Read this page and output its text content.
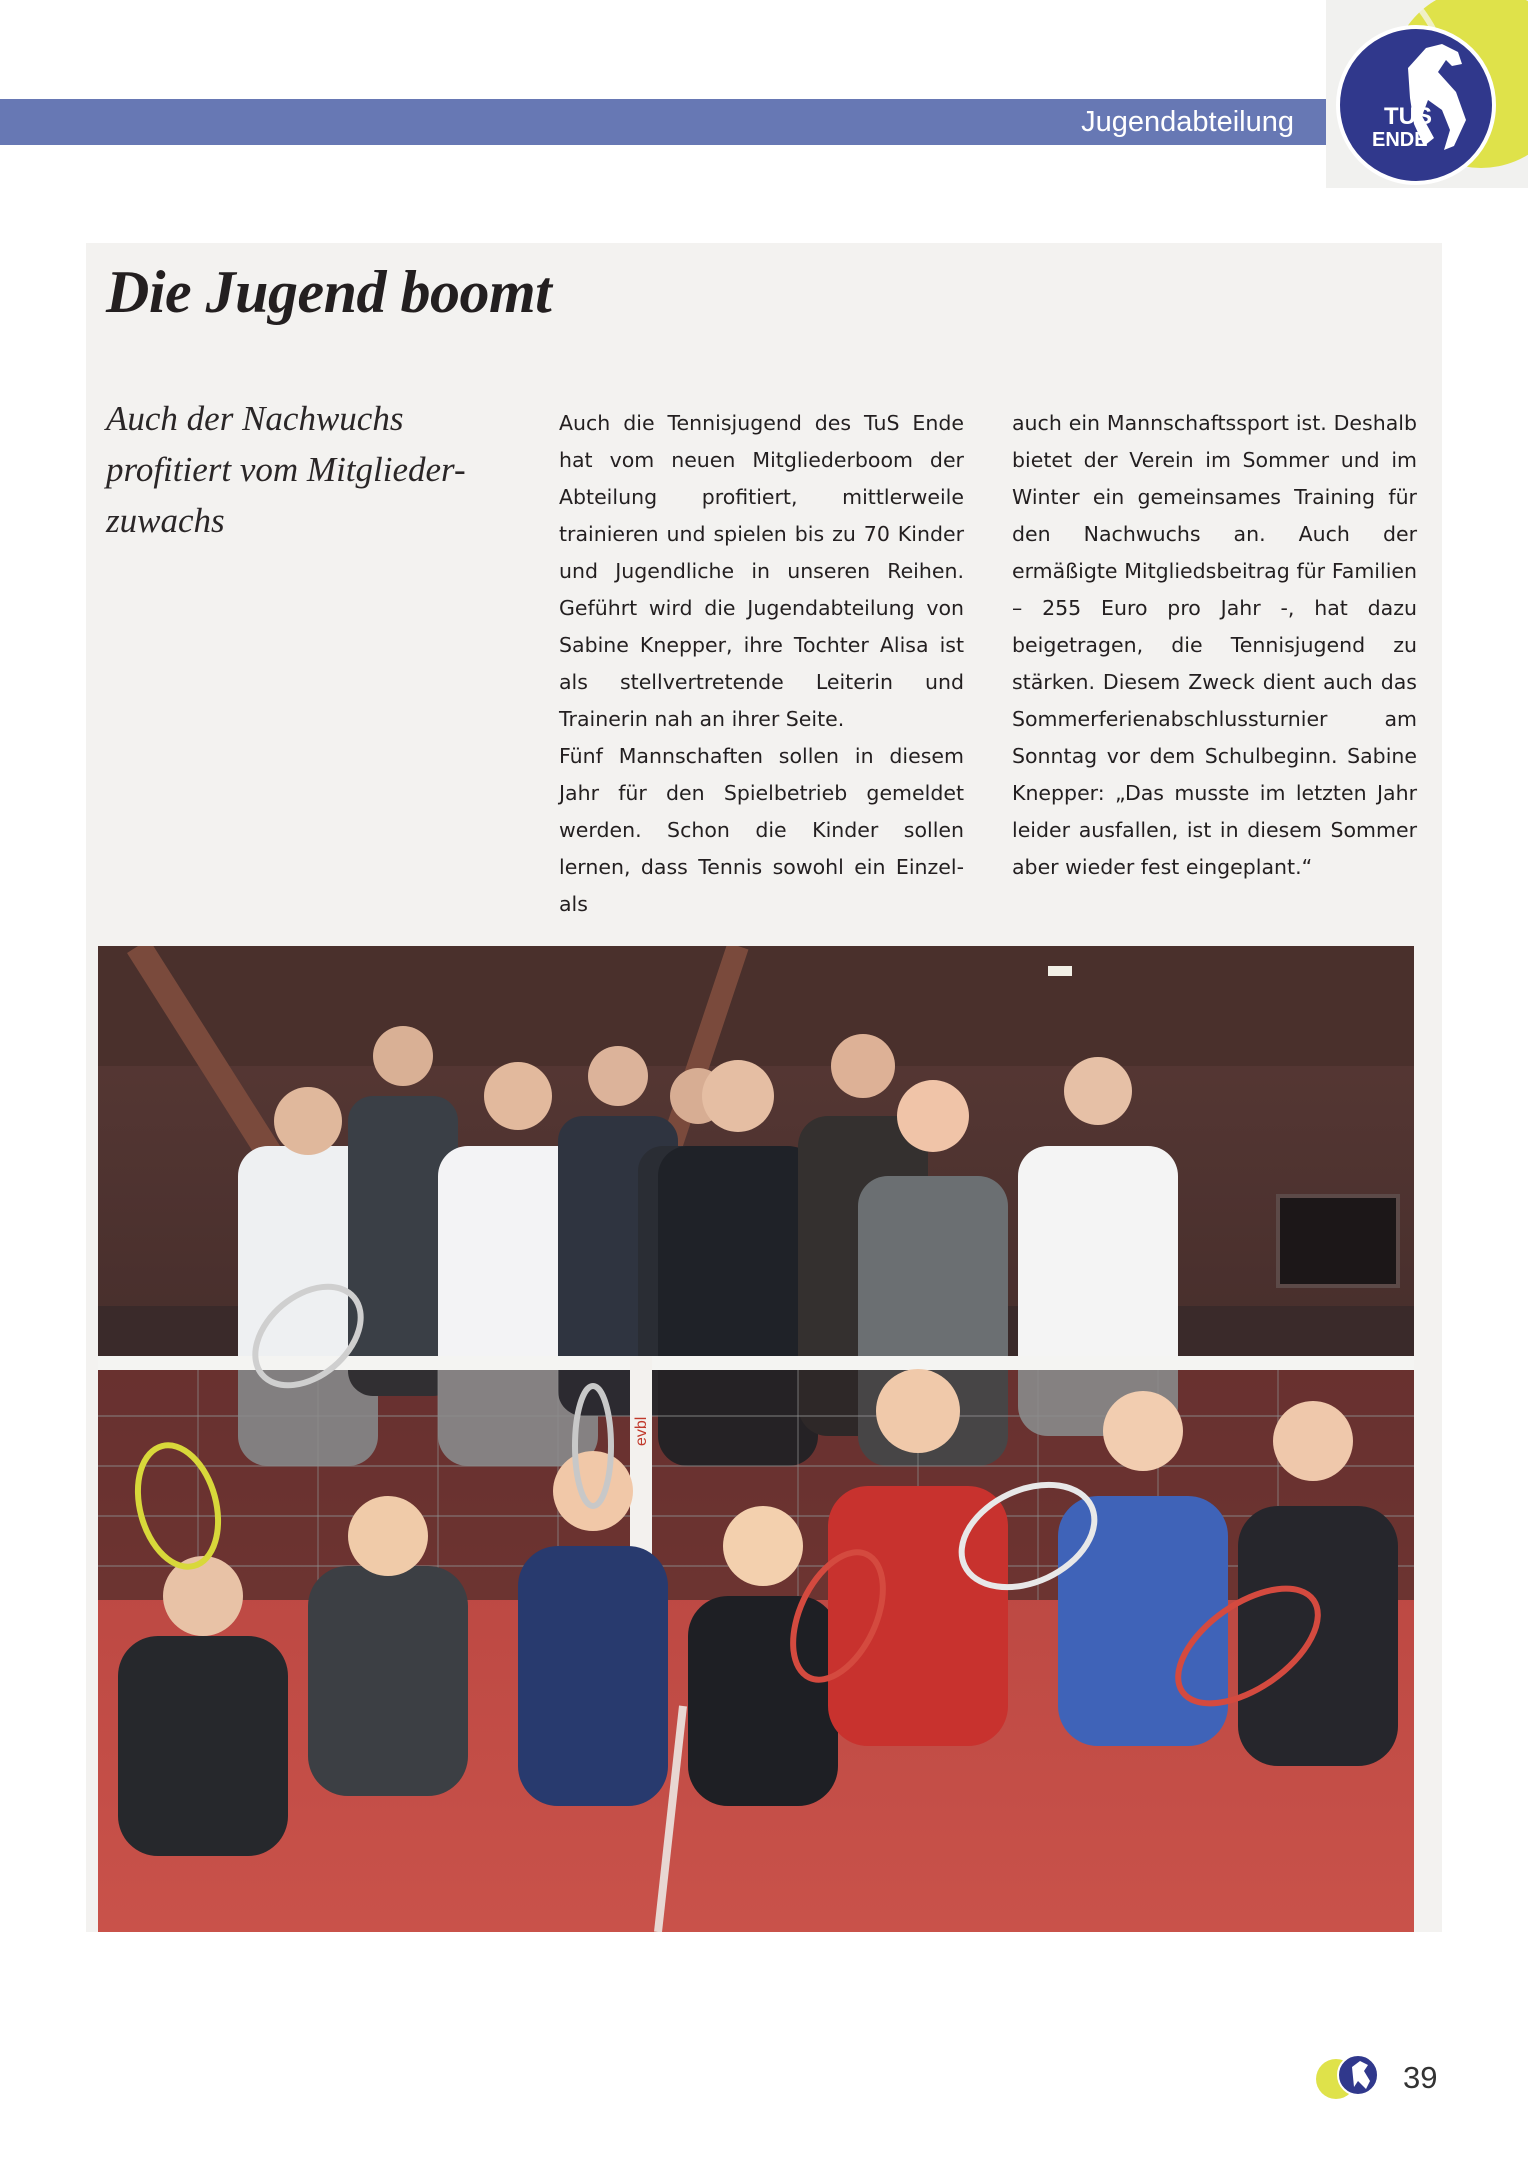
Jugendabteilung	TUS
ENDE
Die Jugend boomt

Auch der Nachwuchs profitiert vom Mitglieder-zuwachs

Auch die Tennisjugend des TuS Ende hat vom neuen Mitgliederboom der Abteilung profitiert, mittlerweile trainieren und spielen bis zu 70 Kinder und Jugendliche in unseren Reihen. Geführt wird die Jugendabteilung von Sabine Knepper, ihre Tochter Alisa ist als stellvertretende Leiterin und Trainerin nah an ihrer Seite.

Fünf Mannschaften sollen in diesem Jahr für den Spielbetrieb gemeldet werden. Schon die Kinder sollen lernen, dass Tennis sowohl ein Einzel- als

auch ein Mannschaftssport ist. Deshalb bietet der Verein im Sommer und im Winter ein gemeinsames Training für den Nachwuchs an. Auch der ermäßigte Mitgliedsbeitrag für Familien – 255 Euro pro Jahr -, hat dazu beigetragen, die Tennisjugend zu stärken. Diesem Zweck dient auch das Sommerferienabschlussturnier am Sonntag vor dem Schulbeginn. Sabine Knepper: „Das musste im letzten Jahr leider ausfallen, ist in diesem Sommer aber wieder fest eingeplant.“

evbl
39
